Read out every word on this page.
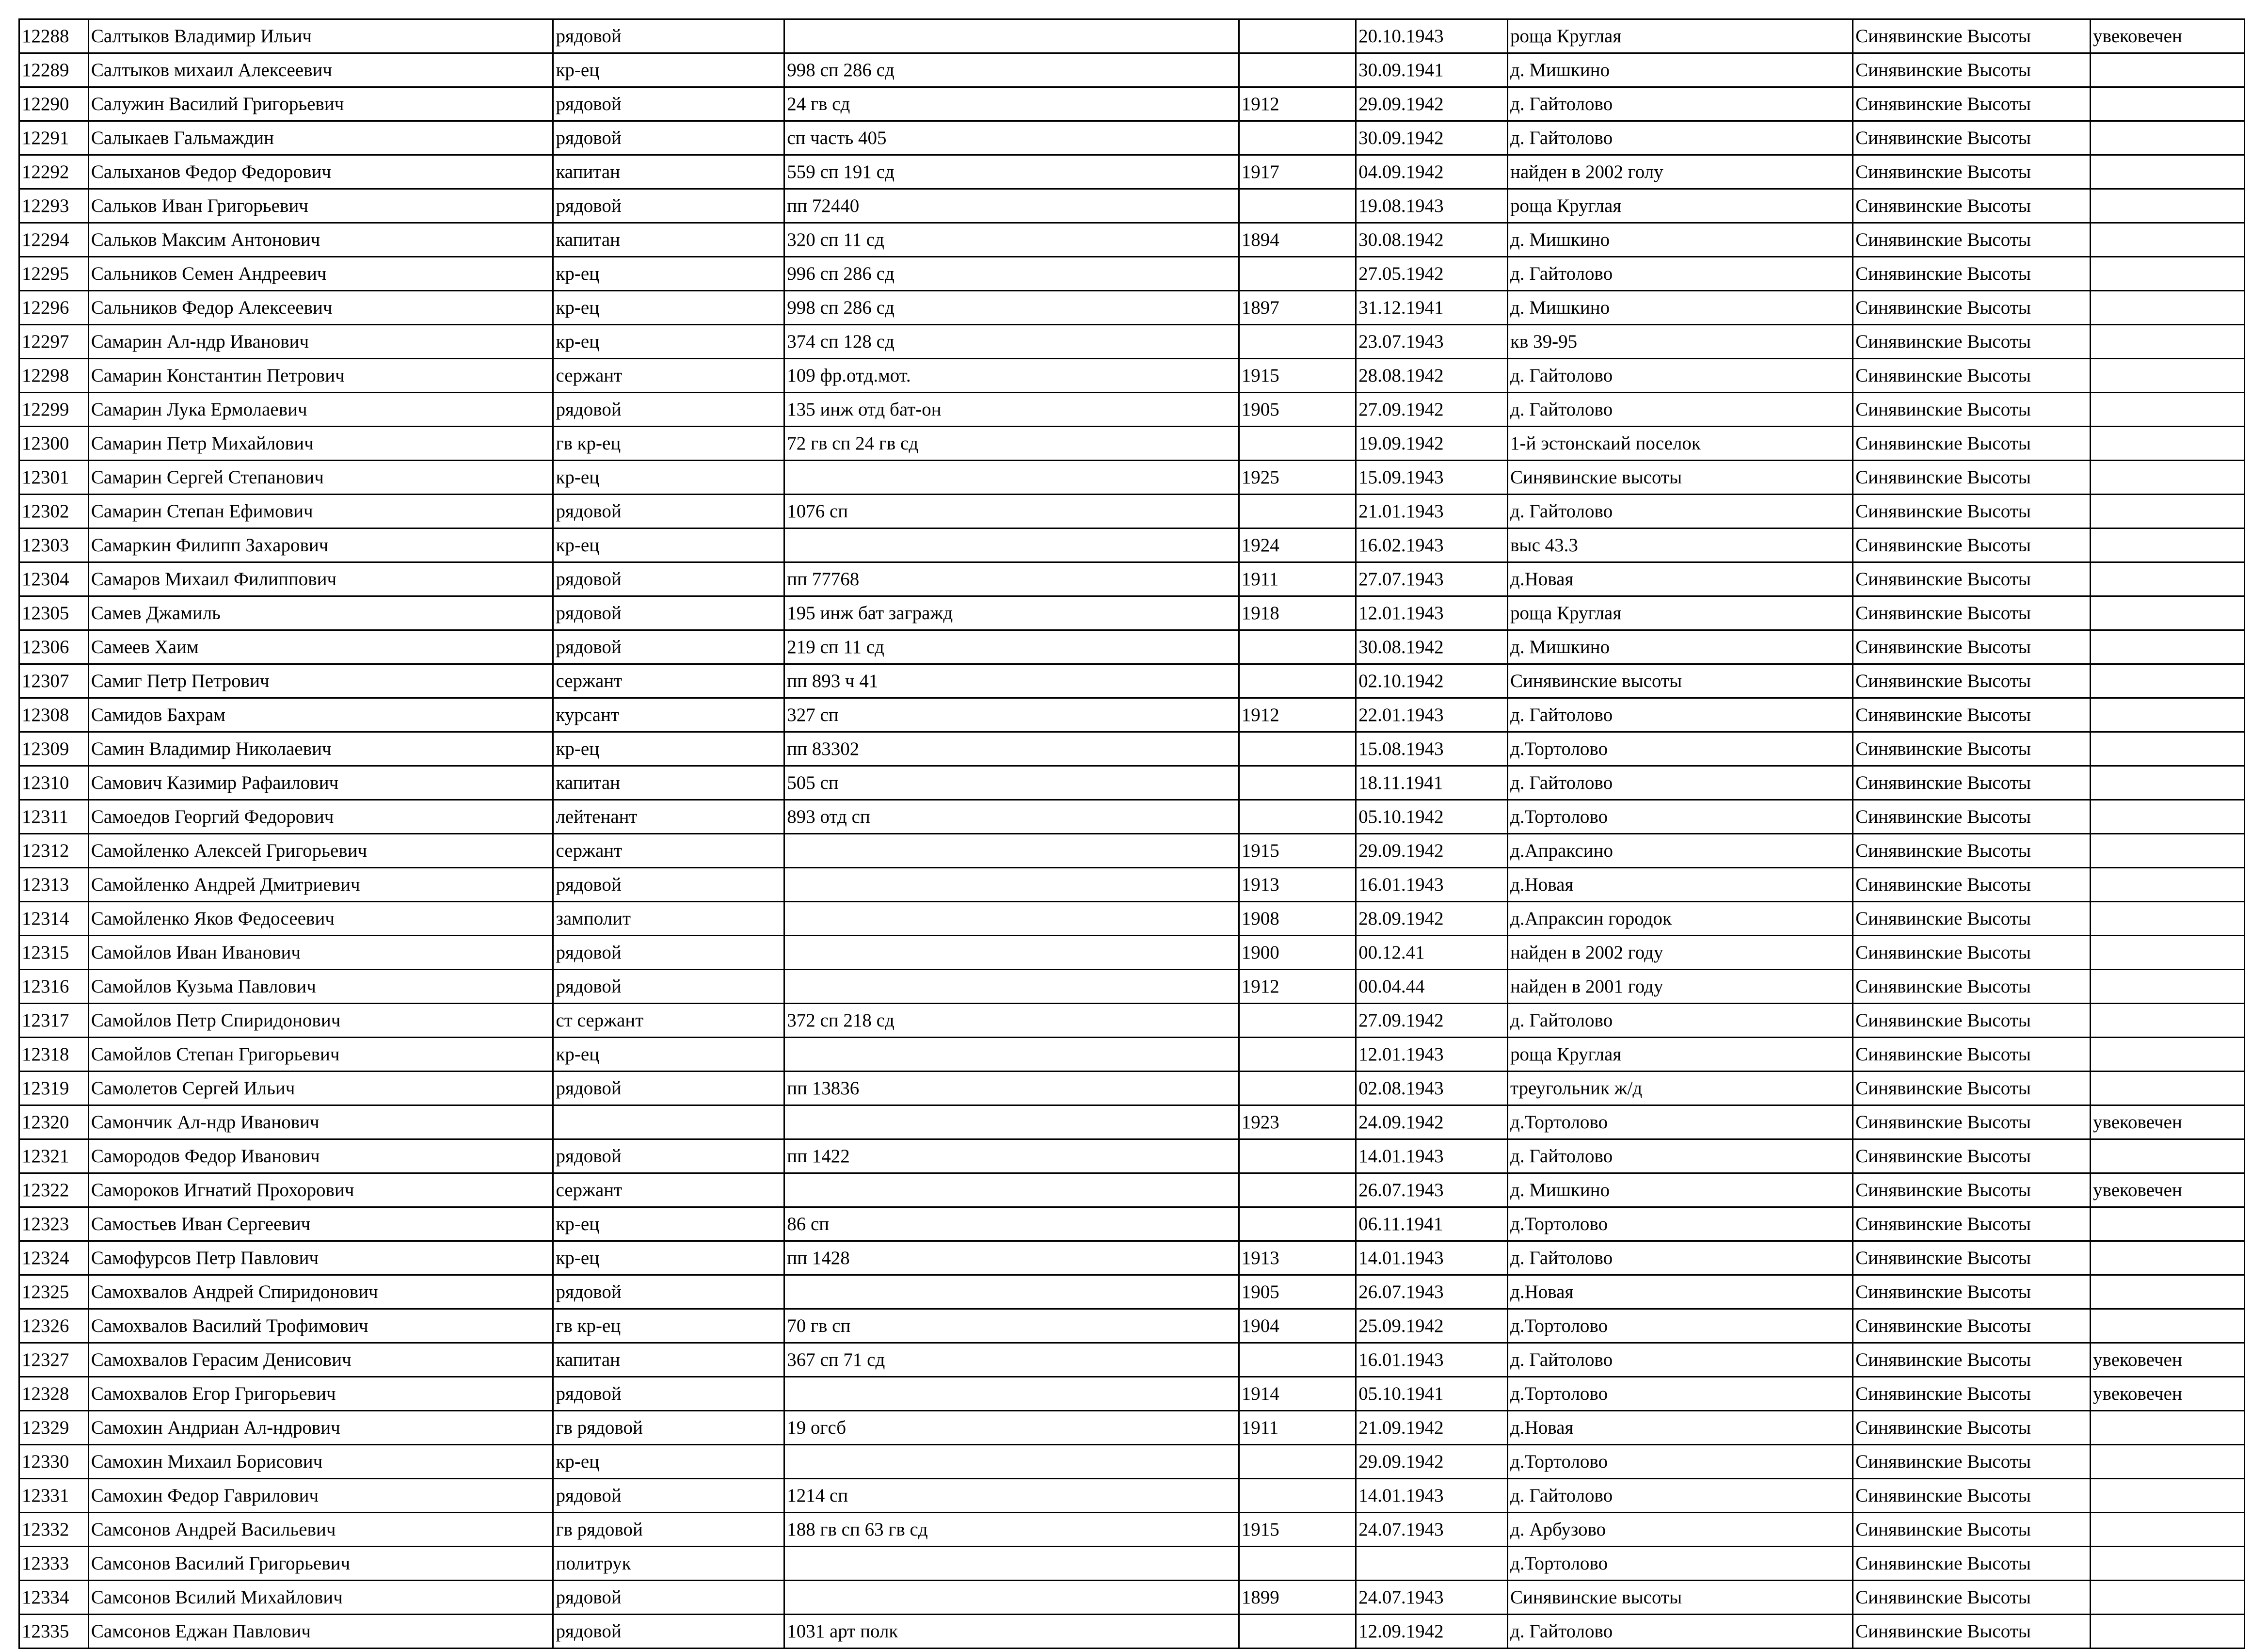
12288	Салтыков Владимир Ильич	рядовой			20.10.1943	роща Круглая	Синявинские Высоты	увековечен
12289	Салтыков михаил Алексеевич	кр-ец	998 сп 286 сд		30.09.1941	д. Мишкино	Синявинские Высоты	
12290	Салужин Василий Григорьевич	рядовой	24 гв сд	1912	29.09.1942	д. Гайтолово	Синявинские Высоты	
12291	Салыкаев Гальмаждин	рядовой	сп часть 405		30.09.1942	д. Гайтолово	Синявинские Высоты	
12292	Салыханов Федор Федорович	капитан	559 сп 191 сд	1917	04.09.1942	найден в 2002 голу	Синявинские Высоты	
12293	Сальков Иван Григорьевич	рядовой	пп 72440		19.08.1943	роща Круглая	Синявинские Высоты	
12294	Сальков Максим Антонович	капитан	320 сп 11 сд	1894	30.08.1942	д. Мишкино	Синявинские Высоты	
12295	Сальников Семен Андреевич	кр-ец	996 сп 286 сд		27.05.1942	д. Гайтолово	Синявинские Высоты	
12296	Сальников Федор Алексеевич	кр-ец	998 сп 286 сд	1897	31.12.1941	д. Мишкино	Синявинские Высоты	
12297	Самарин Ал-ндр Иванович	кр-ец	374 сп 128 сд		23.07.1943	кв 39-95	Синявинские Высоты	
12298	Самарин Константин Петрович	сержант	109 фр.отд.мот.	1915	28.08.1942	д. Гайтолово	Синявинские Высоты	
12299	Самарин Лука Ермолаевич	рядовой	135 инж отд бат-он	1905	27.09.1942	д. Гайтолово	Синявинские Высоты	
12300	Самарин Петр Михайлович	гв кр-ец	72 гв сп 24 гв сд		19.09.1942	1-й эстонскаий поселок	Синявинские Высоты	
12301	Самарин Сергей Степанович	кр-ец		1925	15.09.1943	Синявинские высоты	Синявинские Высоты	
12302	Самарин Степан Ефимович	рядовой	1076 сп		21.01.1943	д. Гайтолово	Синявинские Высоты	
12303	Самаркин Филипп Захарович	кр-ец		1924	16.02.1943	выс 43.3	Синявинские Высоты	
12304	Самаров Михаил Филиппович	рядовой	пп 77768	1911	27.07.1943	д.Новая	Синявинские Высоты	
12305	Самев Джамиль	рядовой	195 инж бат загражд	1918	12.01.1943	роща Круглая	Синявинские Высоты	
12306	Самеев Хаим	рядовой	219 сп 11 сд		30.08.1942	д. Мишкино	Синявинские Высоты	
12307	Самиг Петр Петрович	сержант	пп 893 ч 41		02.10.1942	Синявинские высоты	Синявинские Высоты	
12308	Самидов Бахрам	курсант	327 сп	1912	22.01.1943	д. Гайтолово	Синявинские Высоты	
12309	Самин Владимир Николаевич	кр-ец	пп 83302		15.08.1943	д.Тортолово	Синявинские Высоты	
12310	Самович Казимир Рафаилович	капитан	505 сп		18.11.1941	д. Гайтолово	Синявинские Высоты	
12311	Самоедов Георгий Федорович	лейтенант	893 отд сп		05.10.1942	д.Тортолово	Синявинские Высоты	
12312	Самойленко Алексей Григорьевич	сержант		1915	29.09.1942	д.Апраксино	Синявинские Высоты	
12313	Самойленко Андрей Дмитриевич	рядовой		1913	16.01.1943	д.Новая	Синявинские Высоты	
12314	Самойленко Яков Федосеевич	замполит		1908	28.09.1942	д.Апраксин городок	Синявинские Высоты	
12315	Самойлов Иван Иванович	рядовой		1900	00.12.41	найден в 2002 году	Синявинские Высоты	
12316	Самойлов Кузьма Павлович	рядовой		1912	00.04.44	найден в 2001 году	Синявинские Высоты	
12317	Самойлов Петр Спиридонович	ст сержант	372 сп 218 сд		27.09.1942	д. Гайтолово	Синявинские Высоты	
12318	Самойлов Степан Григорьевич	кр-ец			12.01.1943	роща Круглая	Синявинские Высоты	
12319	Самолетов Сергей Ильич	рядовой	пп 13836		02.08.1943	треугольник ж/д	Синявинские Высоты	
12320	Самончик Ал-ндр Иванович			1923	24.09.1942	д.Тортолово	Синявинские Высоты	увековечен
12321	Самородов Федор Иванович	рядовой	пп 1422		14.01.1943	д. Гайтолово	Синявинские Высоты	
12322	Самороков Игнатий Прохорович	сержант			26.07.1943	д. Мишкино	Синявинские Высоты	увековечен
12323	Самостьев Иван Сергеевич	кр-ец	86 сп		06.11.1941	д.Тортолово	Синявинские Высоты	
12324	Самофурсов Петр Павлович	кр-ец	пп 1428	1913	14.01.1943	д. Гайтолово	Синявинские Высоты	
12325	Самохвалов Андрей Спиридонович	рядовой		1905	26.07.1943	д.Новая	Синявинские Высоты	
12326	Самохвалов Василий Трофимович	гв кр-ец	70 гв сп	1904	25.09.1942	д.Тортолово	Синявинские Высоты	
12327	Самохвалов Герасим Денисович	капитан	367 сп 71 сд		16.01.1943	д. Гайтолово	Синявинские Высоты	увековечен
12328	Самохвалов Егор Григорьевич	рядовой		1914	05.10.1941	д.Тортолово	Синявинские Высоты	увековечен
12329	Самохин Андриан Ал-ндрович	гв рядовой	19 огсб	1911	21.09.1942	д.Новая	Синявинские Высоты	
12330	Самохин Михаил Борисович	кр-ец			29.09.1942	д.Тортолово	Синявинские Высоты	
12331	Самохин Федор Гаврилович	рядовой	1214 сп		14.01.1943	д. Гайтолово	Синявинские Высоты	
12332	Самсонов Андрей Васильевич	гв рядовой	188 гв сп 63 гв сд	1915	24.07.1943	д. Арбузово	Синявинские Высоты	
12333	Самсонов Василий Григорьевич	политрук				д.Тортолово	Синявинские Высоты	
12334	Самсонов Всилий Михайлович	рядовой		1899	24.07.1943	Синявинские высоты	Синявинские Высоты	
12335	Самсонов Еджан Павлович	рядовой	1031 арт полк		12.09.1942	д. Гайтолово	Синявинские Высоты	
